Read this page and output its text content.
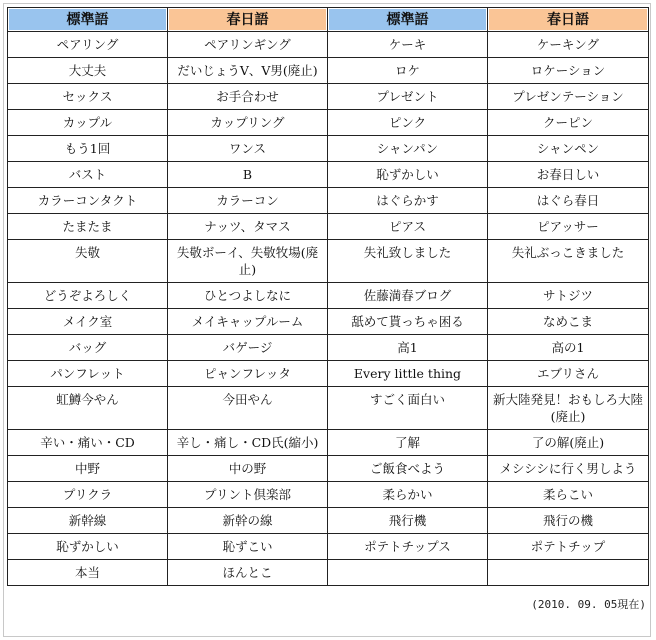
標準語	春日語	標準語	春日語

ペアリング	ペアリンギング	ケーキ	ケーキング
大丈夫	だいじょうV、V男(廃止)	ロケ	ロケーション
セックス	お手合わせ	プレゼント	プレゼンテーション
カップル	カップリング	ピンク	クーピン
もう1回	ワンス	シャンパン	シャンペン
バスト	B	恥ずかしい	お春日しい
カラーコンタクト	カラーコン	はぐらかす	はぐら春日
たまたま	ナッツ、タマス	ピアス	ピアッサー
失敬	失敬ボーイ、失敬牧場(廃止)	失礼致しました	失礼ぶっこきました
どうぞよろしく	ひとつよしなに	佐藤満春ブログ	サトジツ
メイク室	メイキャップルーム	舐めて貰っちゃ困る	なめこま
バッグ	バゲージ	高1	高の1
パンフレット	ピャンフレッタ	Every little thing	エブリさん
虹鱒今やん	今田やん	すごく面白い	新大陸発見！おもしろ大陸(廃止)
辛い・痛い・CD	辛し・痛し・CD氏(縮小)	了解	了の解(廃止)
中野	中の野	ご飯食べよう	メシシシに行く男しよう
プリクラ	プリント倶楽部	柔らかい	柔らこい
新幹線	新幹の線	飛行機	飛行の機
恥ずかしい	恥ずこい	ポテトチップス	ポテトチップ
本当	ほんとこ		
(2010. 09. 05現在)
